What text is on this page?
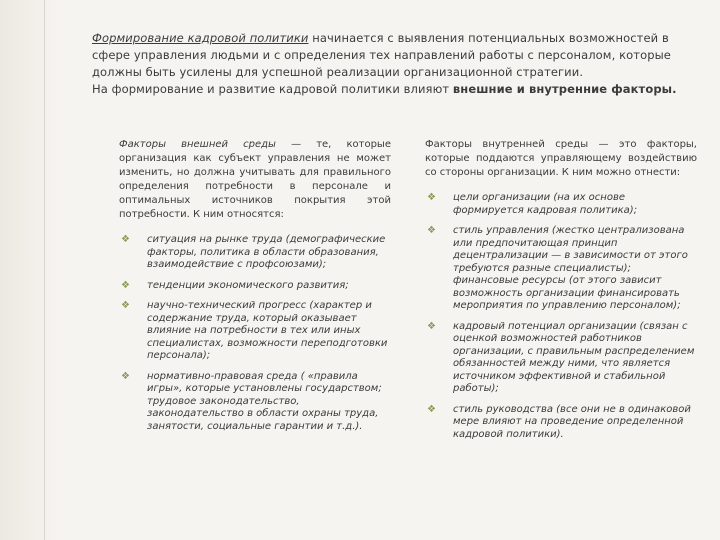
Формирование кадровой политики начинается с выявления потенциальных возможностей в сфере управления людьми и с определения тех направлений работы с персоналом, которые должны быть усилены для успешной реализации организационной стратегии.
На формирование и развитие кадровой политики влияют внешние и внутренние факторы.

Факторы внешней среды — те, которые организация как субъект управления не может изменить, но должна учитывать для правильного определения потребности в персонале и оптимальных источников покрытия этой потребности. К ним относятся:

❖ ситуация на рынке труда (демографические факторы, политика в области образования, взаимодействие с профсоюзами);
❖ тенденции экономического развития;
❖ научно-технический прогресс (характер и содержание труда, который оказывает влияние на потребности в тех или иных специалистах, возможности переподготовки персонала);
❖ нормативно-правовая среда ( «правила игры», которые установлены государством; трудовое законодательство, законодательство в области охраны труда, занятости, социальные гарантии и т.д.).

Факторы внутренней среды — это факторы, которые поддаются управляющему воздействию со стороны организации. К ним можно отнести:

❖ цели организации (на их основе формируется кадровая политика);
❖ стиль управления (жестко централизована или предпочитающая принцип децентрализации — в зависимости от этого требуются разные специалисты); финансовые ресурсы (от этого зависит возможность организации финансировать мероприятия по управлению персоналом);
❖ кадровый потенциал организации (связан с оценкой возможностей работников организации, с правильным распределением обязанностей между ними, что является источником эффективной и стабильной работы);
❖ стиль руководства (все они не в одинаковой мере влияют на проведение определенной кадровой политики).
